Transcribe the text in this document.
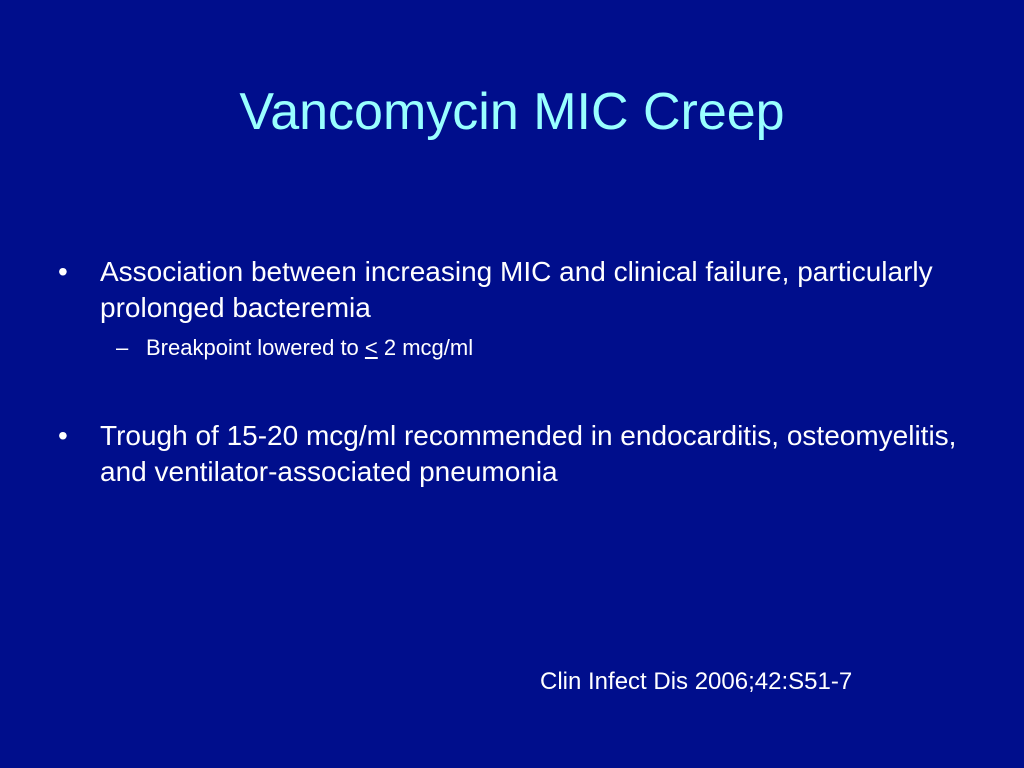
Vancomycin MIC Creep
• Association between increasing MIC and clinical failure, particularly prolonged bacteremia
– Breakpoint lowered to ≤ 2 mcg/ml
• Trough of 15-20 mcg/ml recommended in endocarditis, osteomyelitis, and ventilator-associated pneumonia
Clin Infect Dis 2006;42:S51-7
